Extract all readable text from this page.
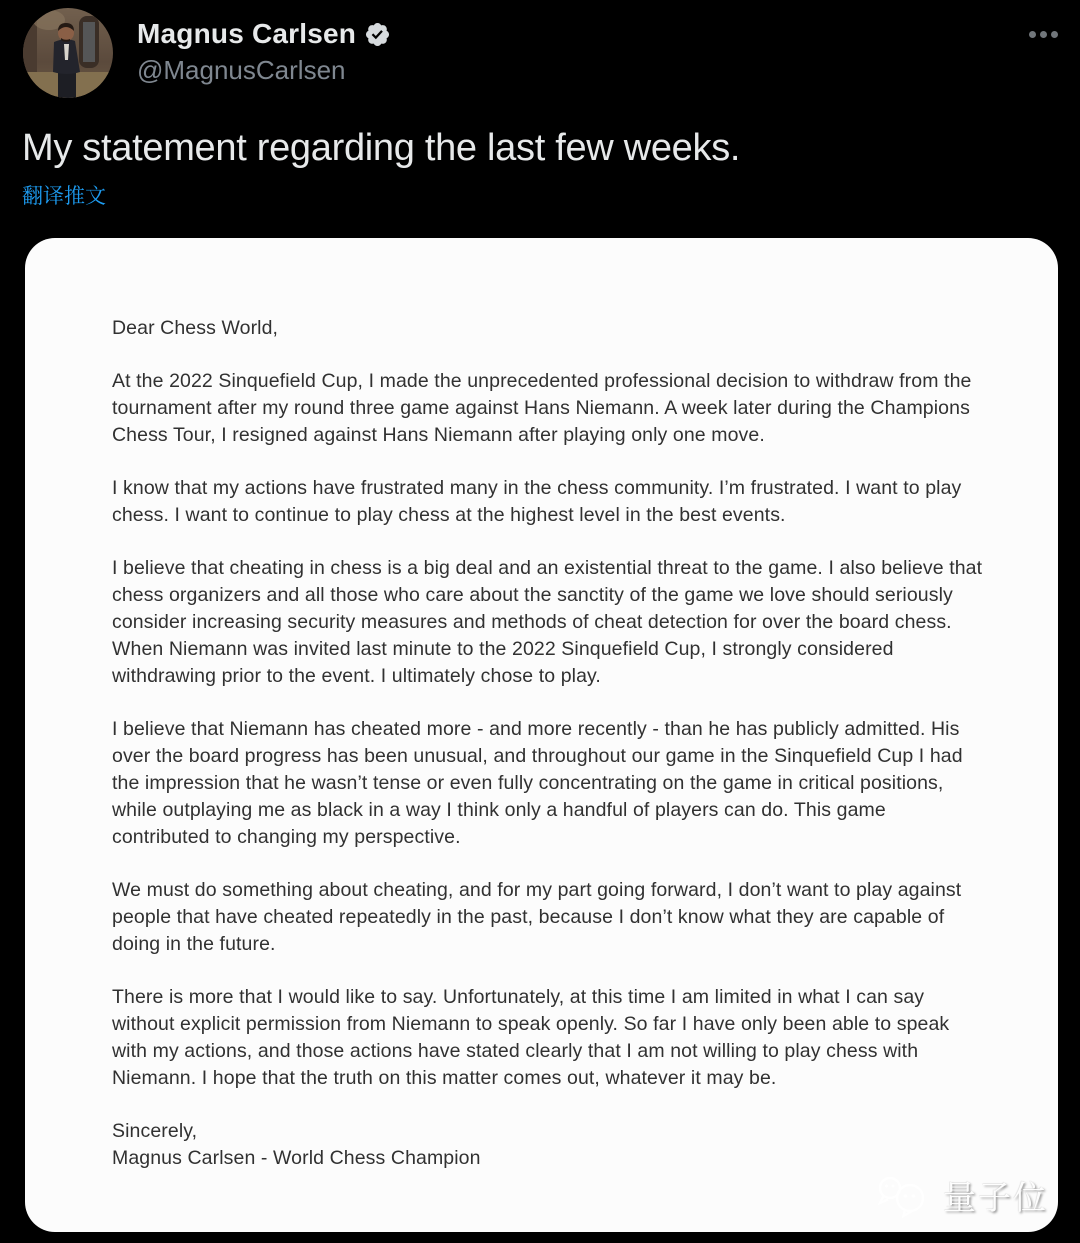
Magnus Carlsen
@MagnusCarlsen
My statement regarding the last few weeks.
翻译推文

Dear Chess World,

At the 2022 Sinquefield Cup, I made the unprecedented professional decision to withdraw from the tournament after my round three game against Hans Niemann. A week later during the Champions Chess Tour, I resigned against Hans Niemann after playing only one move.

I know that my actions have frustrated many in the chess community. I’m frustrated. I want to play chess. I want to continue to play chess at the highest level in the best events.

I believe that cheating in chess is a big deal and an existential threat to the game. I also believe that chess organizers and all those who care about the sanctity of the game we love should seriously consider increasing security measures and methods of cheat detection for over the board chess. When Niemann was invited last minute to the 2022 Sinquefield Cup, I strongly considered withdrawing prior to the event. I ultimately chose to play.

I believe that Niemann has cheated more - and more recently - than he has publicly admitted. His over the board progress has been unusual, and throughout our game in the Sinquefield Cup I had the impression that he wasn’t tense or even fully concentrating on the game in critical positions, while outplaying me as black in a way I think only a handful of players can do. This game contributed to changing my perspective.

We must do something about cheating, and for my part going forward, I don’t want to play against people that have cheated repeatedly in the past, because I don’t know what they are capable of doing in the future.

There is more that I would like to say. Unfortunately, at this time I am limited in what I can say without explicit permission from Niemann to speak openly. So far I have only been able to speak with my actions, and those actions have stated clearly that I am not willing to play chess with Niemann. I hope that the truth on this matter comes out, whatever it may be.

Sincerely,
Magnus Carlsen - World Chess Champion

量子位
